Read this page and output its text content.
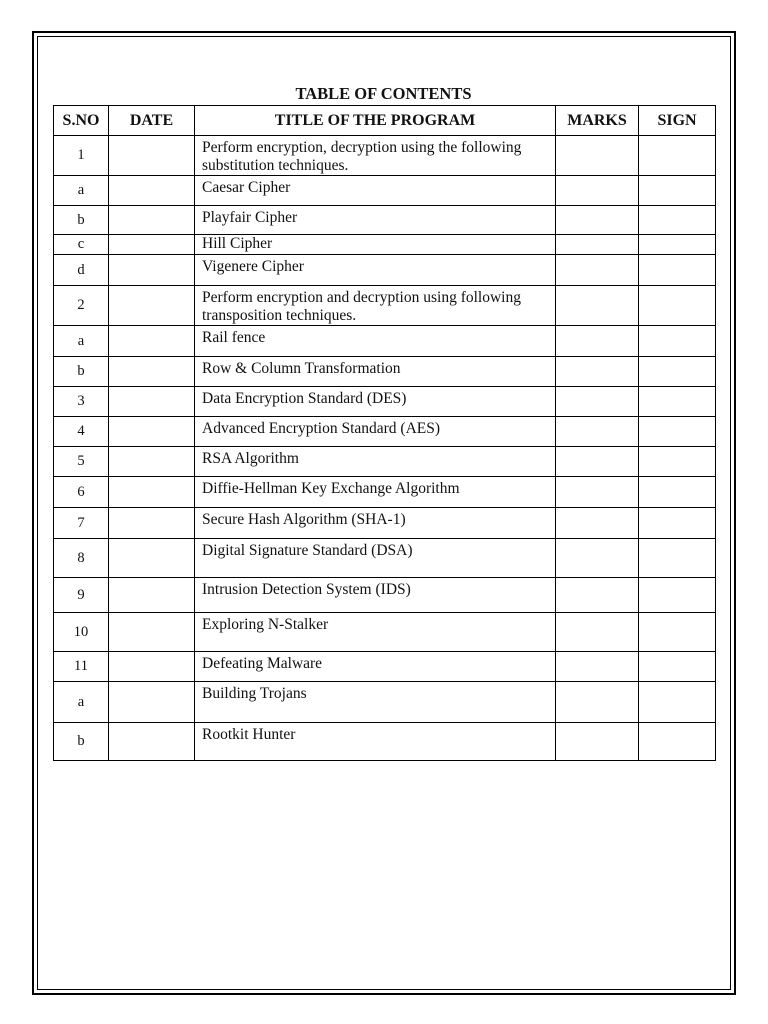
TABLE OF CONTENTS
S.NO	DATE	TITLE OF THE PROGRAM	MARKS	SIGN
1		Perform encryption, decryption using the following substitution techniques.		
a		Caesar Cipher		
b		Playfair Cipher		
c		Hill Cipher		
d		Vigenere Cipher		
2		Perform encryption and decryption using following transposition techniques.		
a		Rail fence		
b		Row & Column Transformation		
3		Data Encryption Standard (DES)		
4		Advanced Encryption Standard (AES)		
5		RSA Algorithm		
6		Diffie-Hellman Key Exchange Algorithm		
7		Secure Hash Algorithm (SHA-1)		
8		Digital Signature Standard (DSA)		
9		Intrusion Detection System (IDS)		
10		Exploring N-Stalker		
11		Defeating Malware		
a		Building Trojans		
b		Rootkit Hunter		
